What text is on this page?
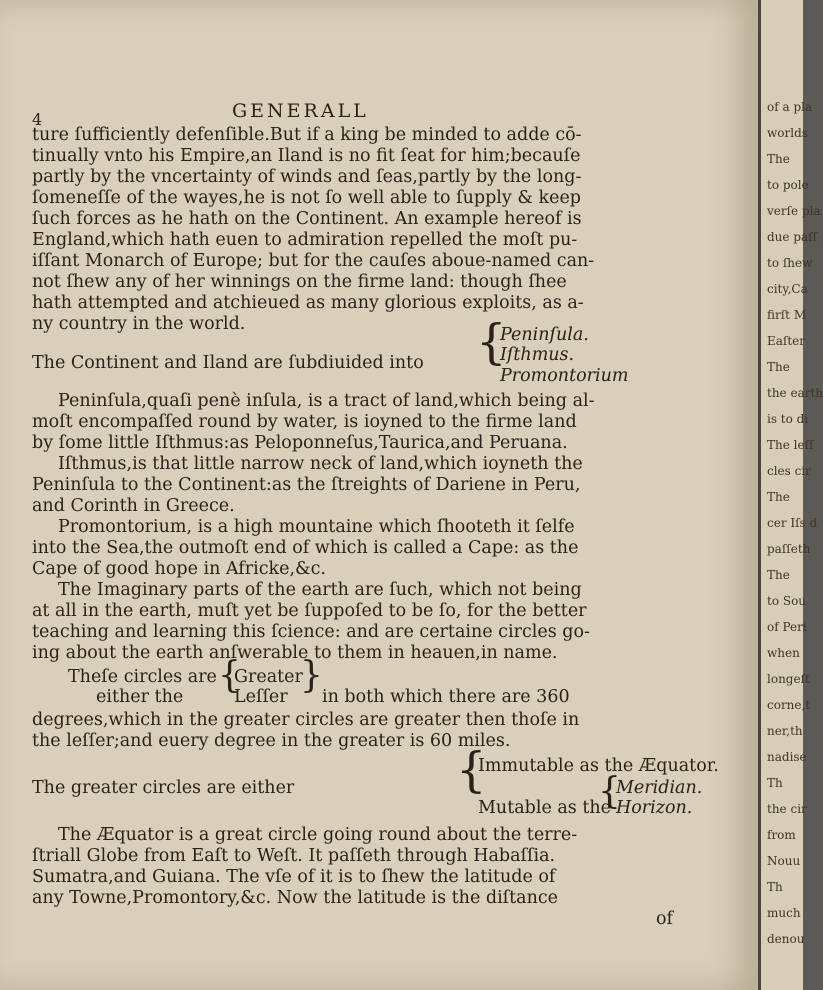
4	GENERALL
ture ſufficiently defenſible.But if a king be minded to adde cō-
tinually vnto his Empire,an Iland is no fit ſeat for him;becauſe
partly by the vncertainty of winds and ſeas,partly by the long-
ſomeneſſe of the wayes,he is not ſo well able to ſupply & keep
ſuch forces as he hath on the Continent. An example hereof is
England,which hath euen to admiration repelled the moſt pu-
iſſant Monarch of Europe; but for the cauſes aboue-named can-
not ſhew any of her winnings on the firme land: though ſhee
hath attempted and atchieued as many glorious exploits, as a-
ny country in the world.
The Continent and Iland are ſubdiuided into {
Peninſula.
Iſthmus.
Promontorium
Peninſula,quaſi penè inſula, is a tract of land,which being al-
moſt encompaſſed round by water, is ioyned to the firme land
by ſome little Iſthmus:as Peloponneſus,Taurica,and Peruana.
Iſthmus,is that little narrow neck of land,which ioyneth the
Peninſula to the Continent:as the ſtreights of Dariene in Peru,
and Corinth in Greece.
Promontorium, is a high mountaine which ſhooteth it ſelfe
into the Sea,the outmoſt end of which is called a Cape: as the
Cape of good hope in Africke,&c.
The Imaginary parts of the earth are ſuch, which not being
at all in the earth, muſt yet be ſuppoſed to be ſo, for the better
teaching and learning this ſcience: and are certaine circles go-
ing about the earth anſwerable to them in heauen,in name.
Theſe circles are
either the
{
Greater
Leſſer
}
in both which there are 360
degrees,which in the greater circles are greater then thoſe in
the leſſer;and euery degree in the greater is 60 miles.
The greater circles are either	{
Immutable as the Æquator.
Mutable as the
{
Meridian.
Horizon.
The Æquator is a great circle going round about the terre-
ſtriall Globe from Eaſt to Weſt. It paſſeth through Habaſſia.
Sumatra,and Guiana. The vſe of it is to ſhew the latitude of
any Towne,Promontory,&c. Now the latitude is the diſtance
of
of a pla
worlds
The
to pole
verſe pla
due paſſ
to ſhew
city,Ca
firſt M
Eaſter
The
the earth
is to di
The leſſ
cles cir
The
cer Iſs d
paſſeth
The
to Sou
of Peri
when
longeſt
corne,t
ner,th
nadise
Th
the cir
from
Nouu
Th
much
denou
